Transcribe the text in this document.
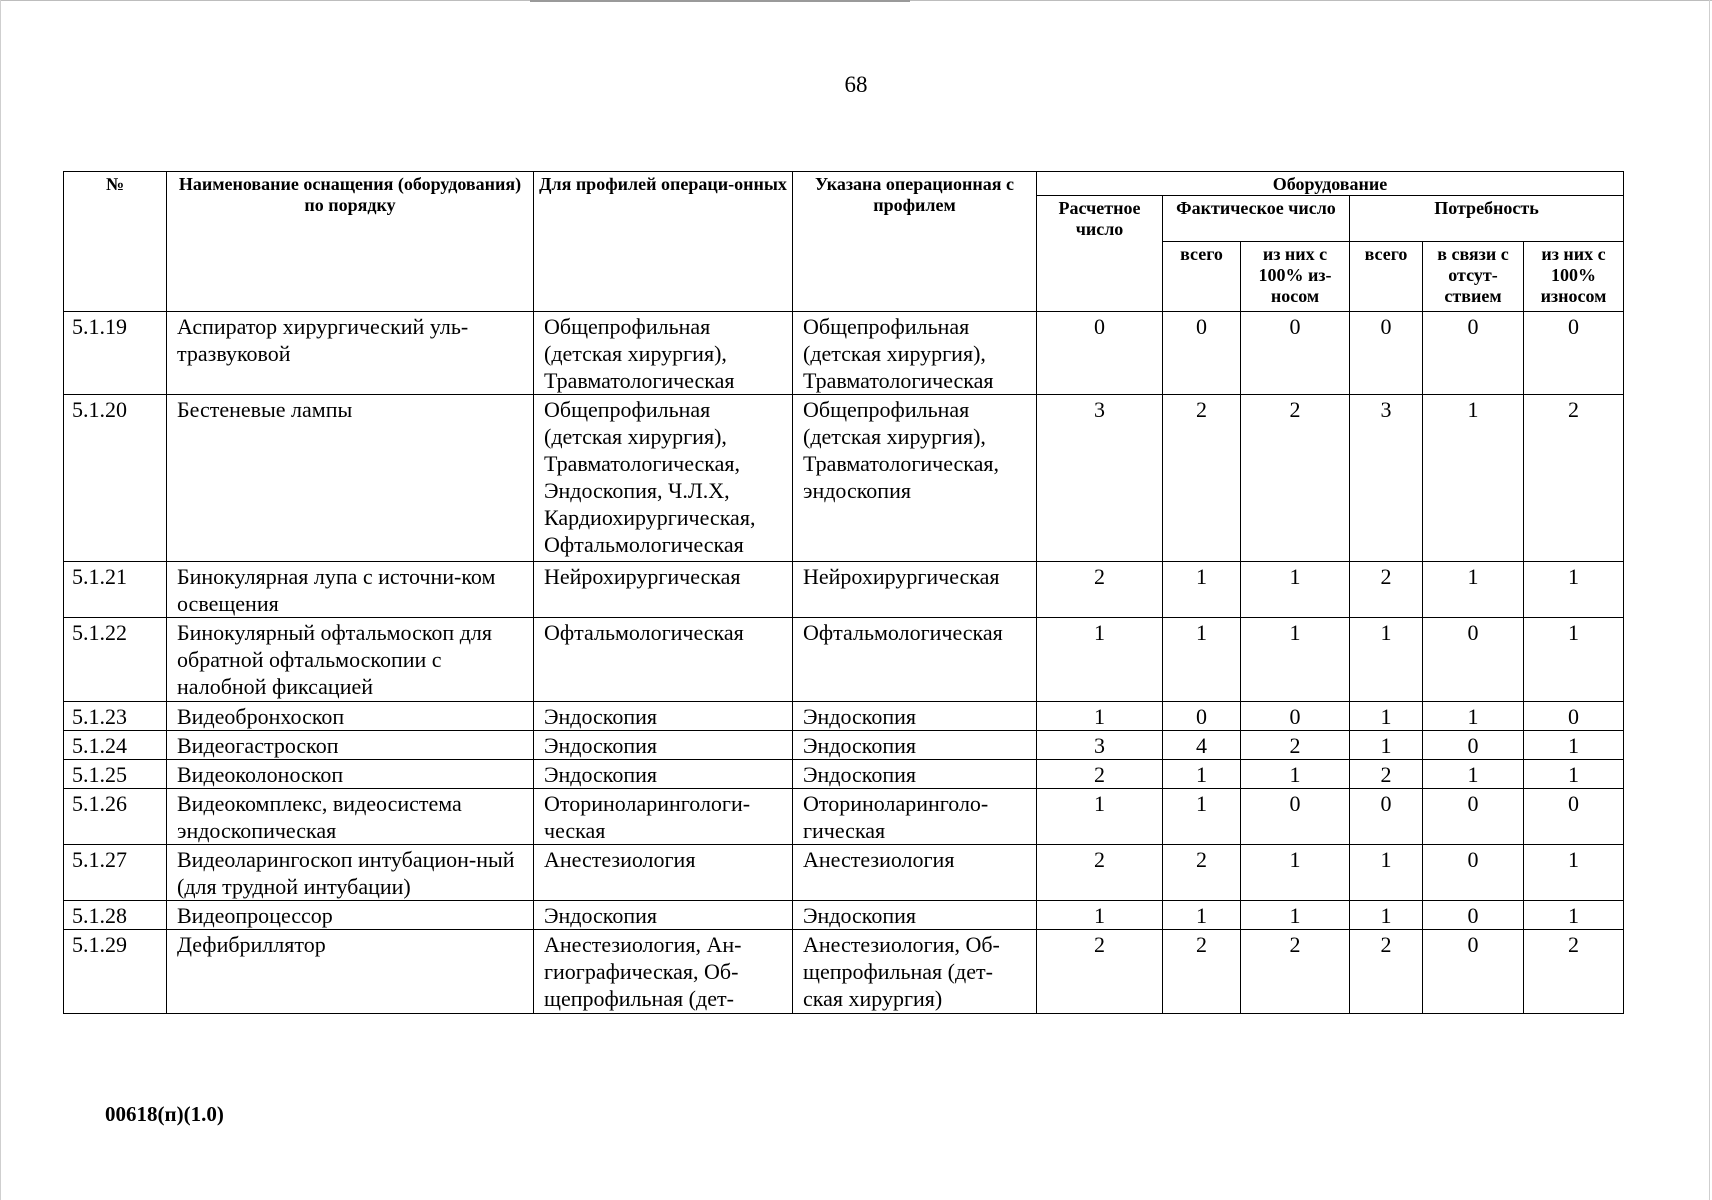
68
№	Наименование оснащения (оборудования) по порядку	Для профилей операци-онных	Указана операционная с профилем	Оборудование					
				Расчетное число	Фактическое число		Потребность		
					всего	из них с 100% из-носом	всего	в связи с отсут-ствием	из них с 100% износом
5.1.19	Аспиратор хирургический уль-тразвуковой	Общепрофильная (детская хирургия), Травматологическая	Общепрофильная (детская хирургия), Травматологическая	0	0	0	0	0	0
5.1.20	Бестеневые лампы	Общепрофильная (детская хирургия), Травматологическая, Эндоскопия, Ч.Л.Х, Кардиохирургическая, Офтальмологическая	Общепрофильная (детская хирургия), Травматологическая, эндоскопия	3	2	2	3	1	2
5.1.21	Бинокулярная лупа с источни-ком освещения	Нейрохирургическая	Нейрохирургическая	2	1	1	2	1	1
5.1.22	Бинокулярный офтальмоскоп для обратной офтальмоскопии с налобной фиксацией	Офтальмологическая	Офтальмологическая	1	1	1	1	0	1
5.1.23	Видеобронхоскоп	Эндоскопия	Эндоскопия	1	0	0	1	1	0
5.1.24	Видеогастроскоп	Эндоскопия	Эндоскопия	3	4	2	1	0	1
5.1.25	Видеоколоноскоп	Эндоскопия	Эндоскопия	2	1	1	2	1	1
5.1.26	Видеокомплекс, видеосистема эндоскопическая	Оториноларингологи-ческая	Оториноларинголо-гическая	1	1	0	0	0	0
5.1.27	Видеоларингоскоп интубацион-ный (для трудной интубации)	Анестезиология	Анестезиология	2	2	1	1	0	1
5.1.28	Видеопроцессор	Эндоскопия	Эндоскопия	1	1	1	1	0	1
5.1.29	Дефибриллятор	Анестезиология, Ан-гиографическая, Об-щепрофильная (дет-	Анестезиология, Об-щепрофильная (дет-ская хирургия)	2	2	2	2	0	2
00618(п)(1.0)
